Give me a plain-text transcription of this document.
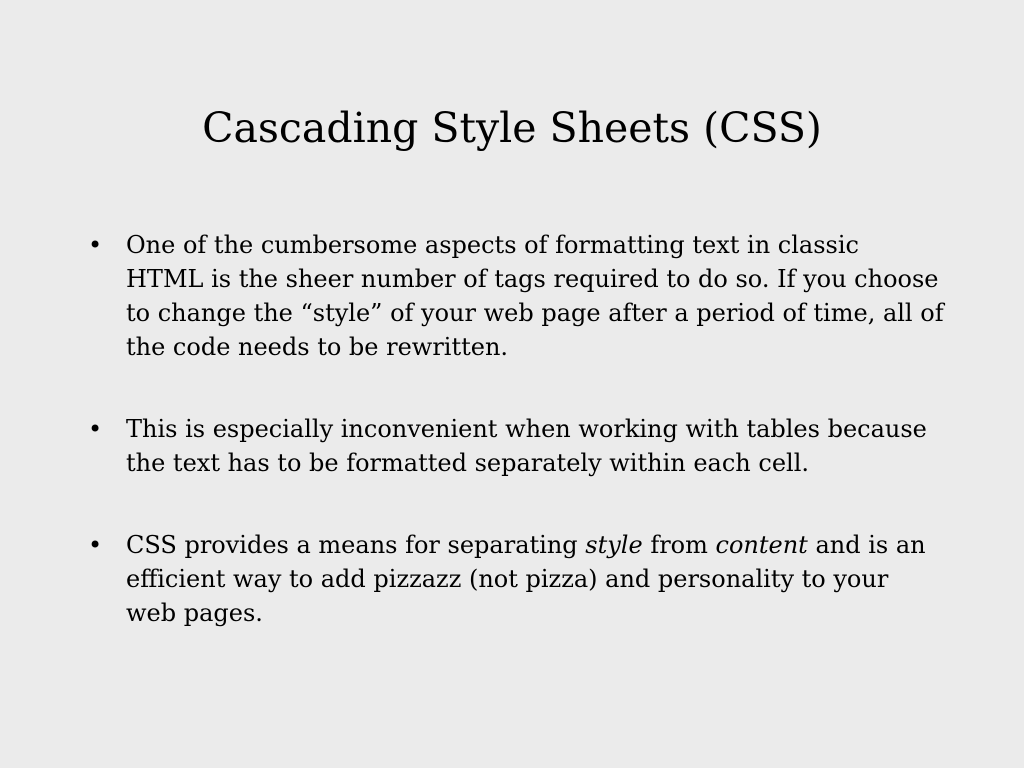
Cascading Style Sheets (CSS)
• One of the cumbersome aspects of formatting text in classic HTML is the sheer number of tags required to do so. If you choose to change the “style” of your web page after a period of time, all of the code needs to be rewritten.
• This is especially inconvenient when working with tables because the text has to be formatted separately within each cell.
• CSS provides a means for separating style from content and is an efficient way to add pizzazz (not pizza) and personality to your web pages.
